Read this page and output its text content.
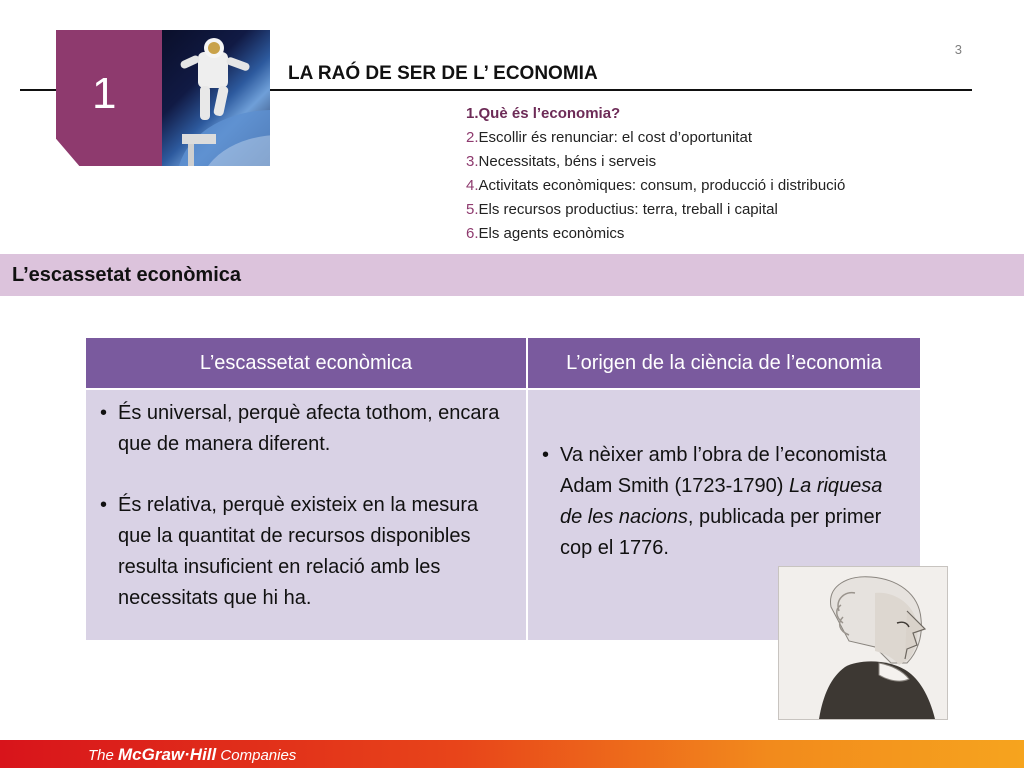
1
3
LA RAÓ DE SER DE L’ ECONOMIA
1.Què és l’economia?
2.Escollir és renunciar: el cost d’oportunitat
3.Necessitats, béns i serveis
4.Activitats econòmiques: consum, producció i distribució
5.Els recursos productius: terra, treball i capital
6.Els agents econòmics
L’escassetat econòmica
L’escassetat econòmica	L’origen de la ciència de l’economia

• És universal, perquè afecta tothom, encara que de manera diferent.
• És relativa, perquè existeix en la mesura que la quantitat de recursos disponibles resulta insuficient en relació amb les necessitats que hi ha.	• Va nèixer amb l’obra de l’economista Adam Smith (1723-1790) La riquesa de les nacions, publicada per primer cop el 1776.
The McGraw·Hill Companies
